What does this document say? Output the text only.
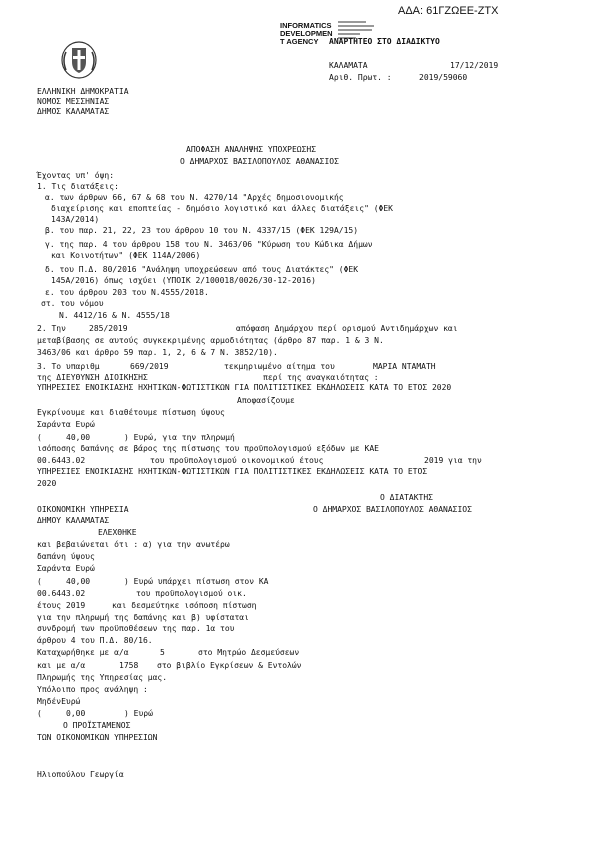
ΑΔΑ: 61ΓΖΩΕΕ-ΖΤΧ
INFORMATICS
DEVELOPMEN
T AGENCY	ΑΝΑΡΤΗΤΕΟ ΣΤΟ ΔΙΑΔΙΚΤΥΟ
ΚΑΛΑΜΑΤΑ	17/12/2019
Αριθ. Πρωτ. :	2019/59060
ΕΛΛΗΝΙΚΗ ΔΗΜΟΚΡΑΤΙΑ
ΝΟΜΟΣ ΜΕΣΣΗΝΙΑΣ
ΔΗΜΟΣ ΚΑΛΑΜΑΤΑΣ
ΑΠΟΦΑΣΗ ΑΝΑΛΗΨΗΣ ΥΠΟΧΡΕΩΣΗΣ
Ο ΔΗΜΑΡΧΟΣ ΒΑΣΙΛΟΠΟΥΛΟΣ ΑΘΑΝΑΣΙΟΣ
Έχοντας υπ' όψη:
1. Τις διατάξεις:
α. των άρθρων 66, 67 & 68 του Ν. 4270/14 "Αρχές δημοσιονομικής
διαχείρισης και εποπτείας - δημόσιο λογιστικό και άλλες διατάξεις" (ΦΕΚ
143Α/2014)
β. του παρ. 21, 22, 23 του άρθρου 10 του Ν. 4337/15 (ΦΕΚ 129Α/15)
γ. της παρ. 4 του άρθρου 158 του Ν. 3463/06 "Κύρωση του Κώδικα Δήμων
και Κοινοτήτων" (ΦΕΚ 114Α/2006)
δ. του Π.Δ. 80/2016 "Ανάληψη υποχρεώσεων από τους Διατάκτες" (ΦΕΚ
145Α/2016) όπως ισχύει (ΥΠΟΙΚ 2/100018/0026/30-12-2016)
ε. του άρθρου 203 του Ν.4555/2018.
στ. του νόμου
Ν. 4412/16 & Ν. 4555/18
2. Την	285/2019	απόφαση Δημάρχου περί ορισμού Αντιδημάρχων και
μεταβίβασης σε αυτούς συγκεκριμένης αρμοδιότητας (άρθρο 87 παρ. 1 & 3 Ν.
3463/06 και άρθρο 59 παρ. 1, 2, 6 & 7 Ν. 3852/10).
3. Το υπαριθμ	669/2019	τεκμηριωμένο αίτημα του	ΜΑΡΙΑ ΝΤΑΜΑΤΗ
της ΔΙΕΥΘΥΝΣΗ ΔΙΟΙΚΗΣΗΣ	περί της αναγκαιότητας :
ΥΠΗΡΕΣΙΕΣ ΕΝΟΙΚΙΑΣΗΣ ΗΧΗΤΙΚΩΝ-ΦΩΤΙΣΤΙΚΩΝ ΓΙΑ ΠΟΛΙΤΙΣΤΙΚΕΣ ΕΚΔΗΛΩΣΕΙΣ ΚΑΤΑ ΤΟ ΕΤΟΣ 2020
Αποφασίζουμε
Εγκρίνουμε και διαθέτουμε πίστωση ύψους
Σαράντα Ευρώ
(	40,00	) Ευρώ, για την πληρωμή
ισόποσης δαπάνης σε βάρος της πίστωσης του προϋπολογισμού εξόδων με ΚΑΕ
00.6443.02	του προϋπολογισμού οικονομικού έτους	2019 για την
ΥΠΗΡΕΣΙΕΣ ΕΝΟΙΚΙΑΣΗΣ ΗΧΗΤΙΚΩΝ-ΦΩΤΙΣΤΙΚΩΝ ΓΙΑ ΠΟΛΙΤΙΣΤΙΚΕΣ ΕΚΔΗΛΩΣΕΙΣ ΚΑΤΑ ΤΟ ΕΤΟΣ
2020
Ο ΔΙΑΤΑΚΤΗΣ
ΟΙΚΟΝΟΜΙΚΗ ΥΠΗΡΕΣΙΑ	Ο ΔΗΜΑΡΧΟΣ ΒΑΣΙΛΟΠΟΥΛΟΣ ΑΘΑΝΑΣΙΟΣ
ΔΗΜΟΥ ΚΑΛΑΜΑΤΑΣ
ΕΛΕΧΘΗΚΕ
και βεβαιώνεται ότι : α) για την ανωτέρω
δαπάνη ύψους
Σαράντα Ευρώ
(	40,00	) Ευρώ υπάρχει πίστωση στον ΚΑ
00.6443.02	του προϋπολογισμού οικ.
έτους 2019	και δεσμεύτηκε ισόποση πίστωση
για την πληρωμή της δαπάνης και β) υφίσταται
συνδρομή των προϋποθέσεων της παρ. 1α του
άρθρου 4 του Π.Δ. 80/16.
Καταχωρήθηκε με α/α	5	στο Μητρώο Δεσμεύσεων
και με α/α	1758 στο βιβλίο Εγκρίσεων & Εντολών
Πληρωμής της Υπηρεσίας μας.
Υπόλοιπο προς ανάληψη :
ΜηδένΕυρώ
(	0,00	) Ευρώ
Ο ΠΡΟΪΣΤΑΜΕΝΟΣ
ΤΩΝ ΟΙΚΟΝΟΜΙΚΩΝ ΥΠΗΡΕΣΙΩΝ
Ηλιοπούλου Γεωργία
